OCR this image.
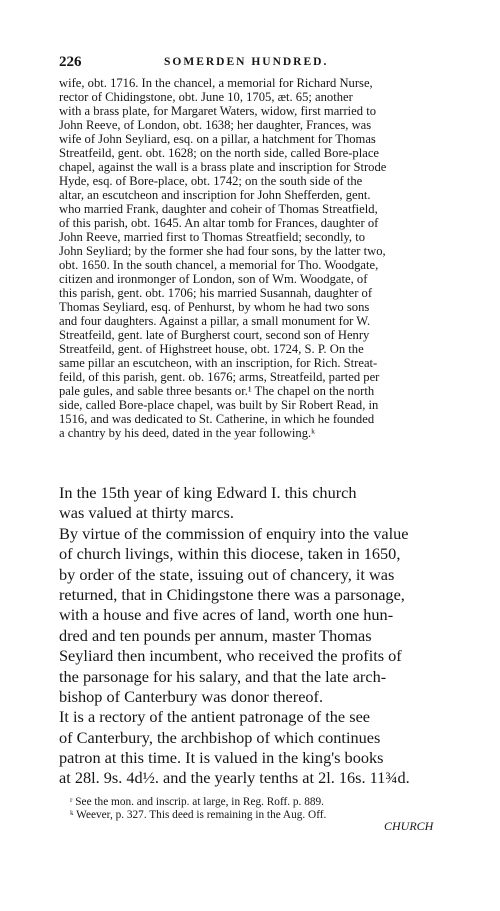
226	SOMERDEN HUNDRED.
wife, obt. 1716. In the chancel, a memorial for Richard Nurse,
rector of Chidingstone, obt. June 10, 1705, æt. 65; another
with a brass plate, for Margaret Waters, widow, first married to
John Reeve, of London, obt. 1638; her daughter, Frances, was
wife of John Seyliard, esq. on a pillar, a hatchment for Thomas
Streatfeild, gent. obt. 1628; on the north side, called Bore-place
chapel, against the wall is a brass plate and inscription for Strode
Hyde, esq. of Bore-place, obt. 1742; on the south side of the
altar, an escutcheon and inscription for John Shefferden, gent.
who married Frank, daughter and coheir of Thomas Streatfield,
of this parish, obt. 1645. An altar tomb for Frances, daughter of
John Reeve, married first to Thomas Streatfield; secondly, to
John Seyliard; by the former she had four sons, by the latter two,
obt. 1650. In the south chancel, a memorial for Tho. Woodgate,
citizen and ironmonger of London, son of Wm. Woodgate, of
this parish, gent. obt. 1706; his married Susannah, daughter of
Thomas Seyliard, esq. of Penhurst, by whom he had two sons
and four daughters. Against a pillar, a small monument for W.
Streatfeild, gent. late of Burgherst court, second son of Henry
Streatfeild, gent. of Highstreet house, obt. 1724, S. P. On the
same pillar an escutcheon, with an inscription, for Rich. Streat-
feild, of this parish, gent. ob. 1676; arms, Streatfeild, parted per
pale gules, and sable three besants or.¹ The chapel on the north
side, called Bore-place chapel, was built by Sir Robert Read, in
1516, and was dedicated to St. Catherine, in which he founded
a chantry by his deed, dated in the year following.ᵏ
In the 15th year of king Edward I. this church
was valued at thirty marcs.
By virtue of the commission of enquiry into the value
of church livings, within this diocese, taken in 1650,
by order of the state, issuing out of chancery, it was
returned, that in Chidingstone there was a parsonage,
with a house and five acres of land, worth one hun-
dred and ten pounds per annum, master Thomas
Seyliard then incumbent, who received the profits of
the parsonage for his salary, and that the late arch-
bishop of Canterbury was donor thereof.
It is a rectory of the antient patronage of the see
of Canterbury, the archbishop of which continues
patron at this time. It is valued in the king's books
at 28l. 9s. 4d½. and the yearly tenths at 2l. 16s. 11¾d.
ʳ See the mon. and inscrip. at large, in Reg. Roff. p. 889.
ᵏ Weever, p. 327. This deed is remaining in the Aug. Off.
CHURCH
